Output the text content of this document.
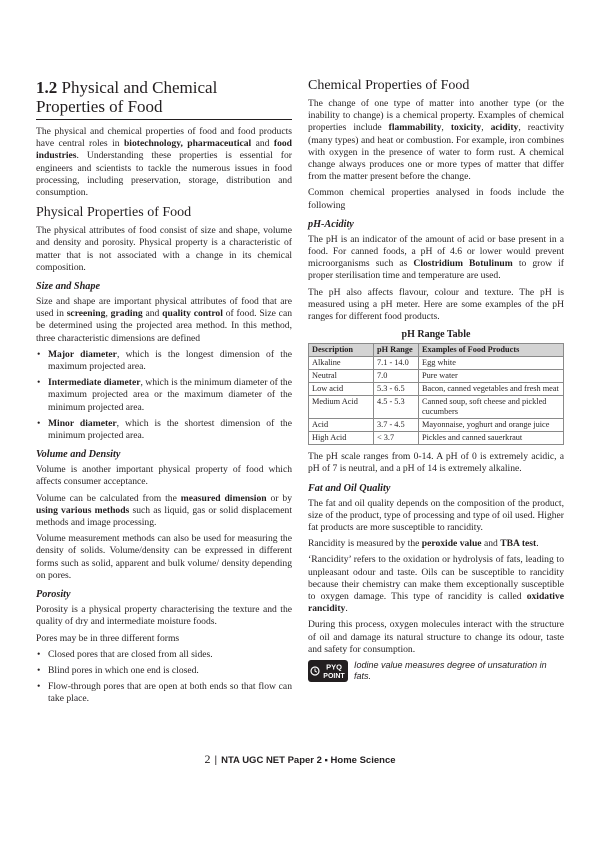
1.2 Physical and Chemical
Properties of Food

The physical and chemical properties of food and food products have central roles in biotechnology, pharmaceutical and food industries. Understanding these properties is essential for engineers and scientists to tackle the numerous issues in food processing, including preservation, storage, distribution and consumption.

Physical Properties of Food

The physical attributes of food consist of size and shape, volume and density and porosity. Physical property is a characteristic of matter that is not associated with a change in its chemical composition.

Size and Shape

Size and shape are important physical attributes of food that are used in screening, grading and quality control of food. Size can be determined using the projected area method. In this method, three characteristic dimensions are defined

• Major diameter, which is the longest dimension of the maximum projected area.
• Intermediate diameter, which is the minimum diameter of the maximum projected area or the maximum diameter of the minimum projected area.
• Minor diameter, which is the shortest dimension of the minimum projected area.
Volume and Density

Volume is another important physical property of food which affects consumer acceptance.

Volume can be calculated from the measured dimension or by using various methods such as liquid, gas or solid displacement methods and image processing.

Volume measurement methods can also be used for measuring the density of solids. Volume/density can be expressed in different forms such as solid, apparent and bulk volume/ density depending on pores.

Porosity

Porosity is a physical property characterising the texture and the quality of dry and intermediate moisture foods.

Pores may be in three different forms

• Closed pores that are closed from all sides.
• Blind pores in which one end is closed.
• Flow-through pores that are open at both ends so that flow can take place.
Chemical Properties of Food

The change of one type of matter into another type (or the inability to change) is a chemical property. Examples of chemical properties include flammability, toxicity, acidity, reactivity (many types) and heat or combustion. For example, iron combines with oxygen in the presence of water to form rust. A chemical change always produces one or more types of matter that differ from the matter present before the change.

Common chemical properties analysed in foods include the following

pH-Acidity

The pH is an indicator of the amount of acid or base present in a food. For canned foods, a pH of 4.6 or lower would prevent microorganisms such as Clostridium Botulinum to grow if proper sterilisation time and temperature are used.

The pH also affects flavour, colour and texture. The pH is measured using a pH meter. Here are some examples of the pH ranges for different food products.

pH Range Table
Description	pH Range	Examples of Food Products
Alkaline	7.1 - 14.0	Egg white
Neutral	7.0	Pure water
Low acid	5.3 - 6.5	Bacon, canned vegetables and fresh meat
Medium Acid	4.5 - 5.3	Canned soup, soft cheese and pickled cucumbers
Acid	3.7 - 4.5	Mayonnaise, yoghurt and orange juice
High Acid	< 3.7	Pickles and canned sauerkraut

The pH scale ranges from 0-14. A pH of 0 is extremely acidic, a pH of 7 is neutral, and a pH of 14 is extremely alkaline.

Fat and Oil Quality

The fat and oil quality depends on the composition of the product, size of the product, type of processing and type of oil used. Higher fat products are more susceptible to rancidity.

Rancidity is measured by the peroxide value and TBA test.

‘Rancidity’ refers to the oxidation or hydrolysis of fats, leading to unpleasant odour and taste. Oils can be susceptible to rancidity because their chemistry can make them exceptionally susceptible to oxygen damage. This type of rancidity is called oxidative rancidity.

During this process, oxygen molecules interact with the structure of oil and damage its natural structure to change its odour, taste and safety for consumption.

PYQ
POINT
Iodine value measures degree of unsaturation in fats.
2 | NTA UGC NET Paper 2 ▪ Home Science
